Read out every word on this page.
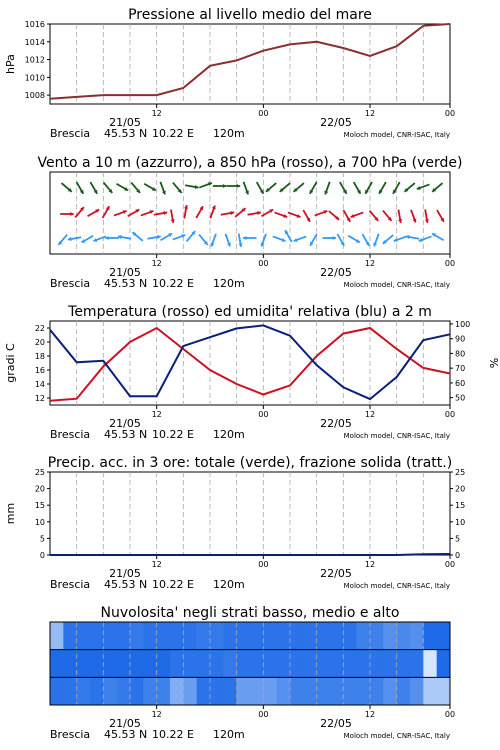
Pressione al livello medio del mare
12	00	12	00
21/05	22/05
Brescia 45.53 N 10.22 E 120m	Moloch model, CNR-ISAC, Italy
1008
1010
1012
1014
1016
hPa
Vento a 10 m (azzurro), a 850 hPa (rosso), a 700 hPa (verde)
12	00	12	00
21/05	22/05
Brescia 45.53 N 10.22 E 120m	Moloch model, CNR-ISAC, Italy
Temperatura (rosso) ed umidita' relativa (blu) a 2 m
12	00	12	00
21/05	22/05
Brescia 45.53 N 10.22 E 120m	Moloch model, CNR-ISAC, Italy
12
14
16
18
20
22
50
60
70
80
90
100
gradi C	%
Precip. acc. in 3 ore: totale (verde), frazione solida (tratt.)
12	00	12	00
21/05	22/05
Brescia 45.53 N 10.22 E 120m	Moloch model, CNR-ISAC, Italy
0
5
10
15
20
25
0
5
10
15
20
25
mm
Nuvolosita' negli strati basso, medio e alto
12	00	12	00
21/05	22/05
Brescia 45.53 N 10.22 E 120m	Moloch model, CNR-ISAC, Italy
